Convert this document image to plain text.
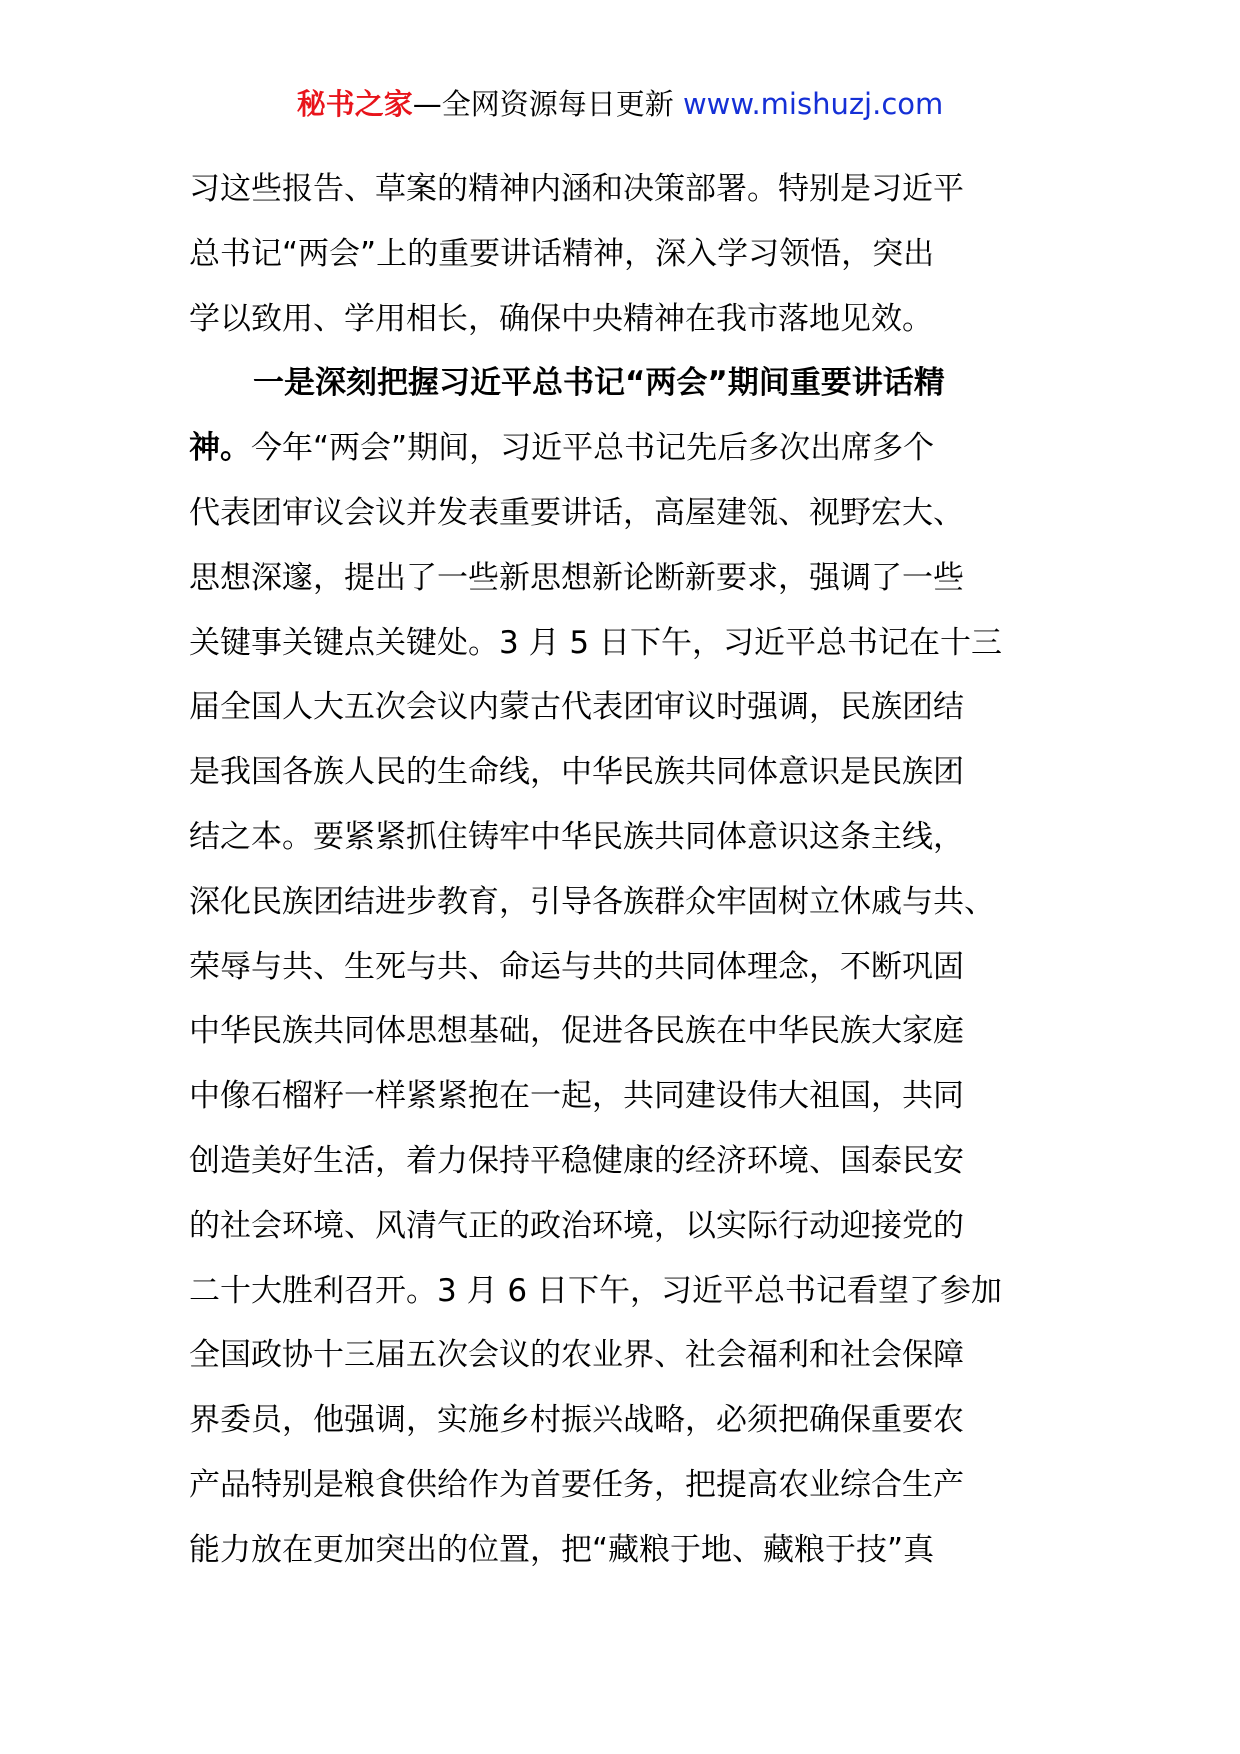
秘书之家—全网资源每日更新 www.mishuzj.com
习这些报告、草案的精神内涵和决策部署。特别是习近平
总书记“两会”上的重要讲话精神，深入学习领悟，突出
学以致用、学用相长，确保中央精神在我市落地见效。
一是深刻把握习近平总书记“两会”期间重要讲话精
神。今年“两会”期间，习近平总书记先后多次出席多个
代表团审议会议并发表重要讲话，高屋建瓴、视野宏大、
思想深邃，提出了一些新思想新论断新要求，强调了一些
关键事关键点关键处。3 月 5 日下午，习近平总书记在十三
届全国人大五次会议内蒙古代表团审议时强调，民族团结
是我国各族人民的生命线，中华民族共同体意识是民族团
结之本。要紧紧抓住铸牢中华民族共同体意识这条主线，
深化民族团结进步教育，引导各族群众牢固树立休戚与共、
荣辱与共、生死与共、命运与共的共同体理念，不断巩固
中华民族共同体思想基础，促进各民族在中华民族大家庭
中像石榴籽一样紧紧抱在一起，共同建设伟大祖国，共同
创造美好生活，着力保持平稳健康的经济环境、国泰民安
的社会环境、风清气正的政治环境，以实际行动迎接党的
二十大胜利召开。3 月 6 日下午，习近平总书记看望了参加
全国政协十三届五次会议的农业界、社会福利和社会保障
界委员，他强调，实施乡村振兴战略，必须把确保重要农
产品特别是粮食供给作为首要任务，把提高农业综合生产
能力放在更加突出的位置，把“藏粮于地、藏粮于技”真
